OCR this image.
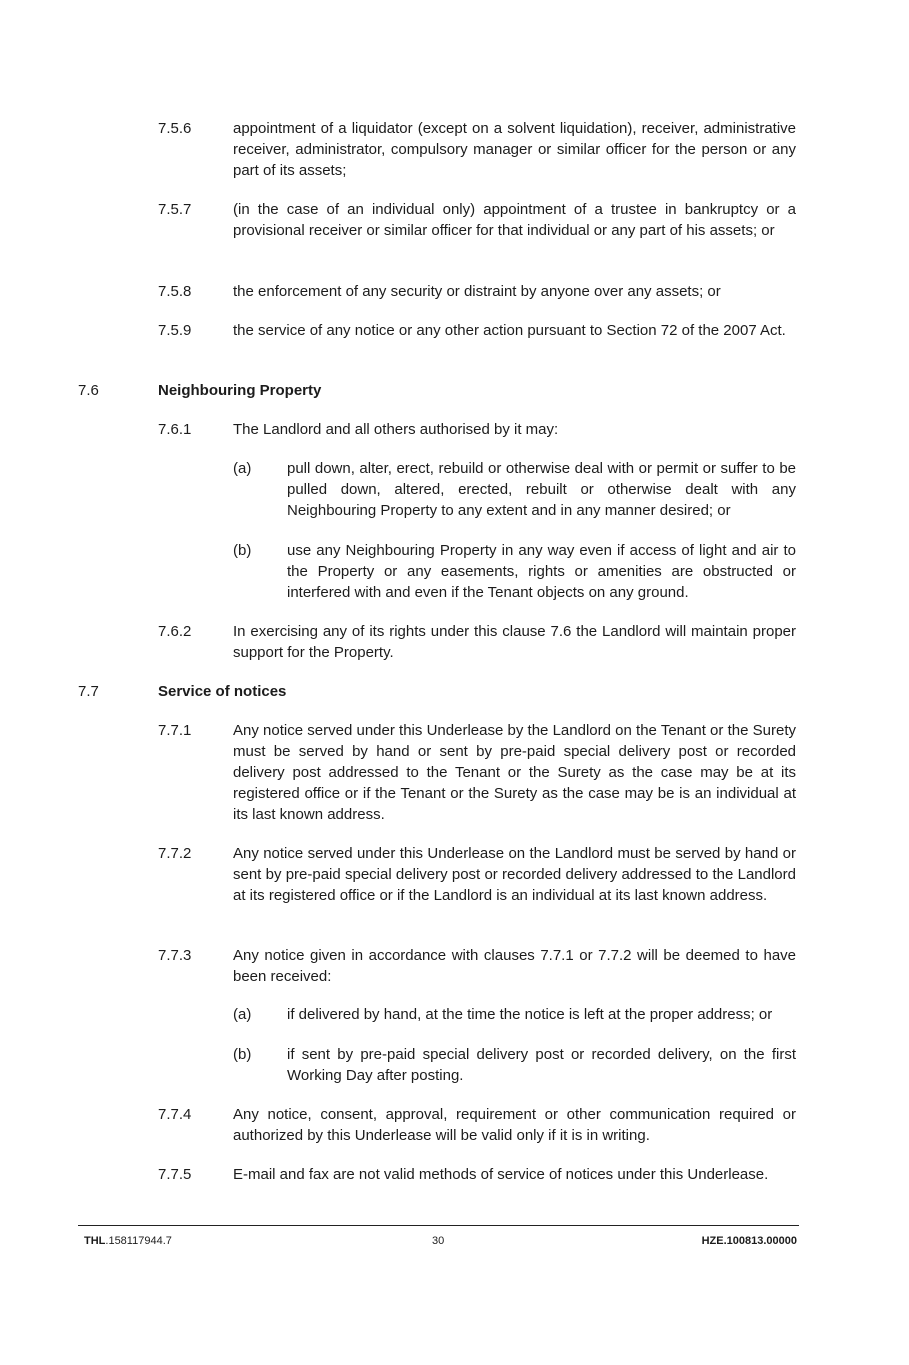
7.5.6	appointment of a liquidator (except on a solvent liquidation), receiver, administrative receiver, administrator, compulsory manager or similar officer for the person or any part of its assets;
7.5.7	(in the case of an individual only) appointment of a trustee in bankruptcy or a provisional receiver or similar officer for that individual or any part of his assets; or
7.5.8	the enforcement of any security or distraint by anyone over any assets; or
7.5.9	the service of any notice or any other action pursuant to Section 72 of the 2007 Act.
7.6	Neighbouring Property
7.6.1	The Landlord and all others authorised by it may:
(a) pull down, alter, erect, rebuild or otherwise deal with or permit or suffer to be pulled down, altered, erected, rebuilt or otherwise dealt with any Neighbouring Property to any extent and in any manner desired; or
(b) use any Neighbouring Property in any way even if access of light and air to the Property or any easements, rights or amenities are obstructed or interfered with and even if the Tenant objects on any ground.
7.6.2	In exercising any of its rights under this clause 7.6 the Landlord will maintain proper support for the Property.
7.7	Service of notices
7.7.1	Any notice served under this Underlease by the Landlord on the Tenant or the Surety must be served by hand or sent by pre-paid special delivery post or recorded delivery post addressed to the Tenant or the Surety as the case may be at its registered office or if the Tenant or the Surety as the case may be is an individual at its last known address.
7.7.2	Any notice served under this Underlease on the Landlord must be served by hand or sent by pre-paid special delivery post or recorded delivery addressed to the Landlord at its registered office or if the Landlord is an individual at its last known address.
7.7.3	Any notice given in accordance with clauses 7.7.1 or 7.7.2 will be deemed to have been received:
(a) if delivered by hand, at the time the notice is left at the proper address; or
(b) if sent by pre-paid special delivery post or recorded delivery, on the first Working Day after posting.
7.7.4	Any notice, consent, approval, requirement or other communication required or authorized by this Underlease will be valid only if it is in writing.
7.7.5	E-mail and fax are not valid methods of service of notices under this Underlease.
THL.158117944.7	30	HZE.100813.00000
